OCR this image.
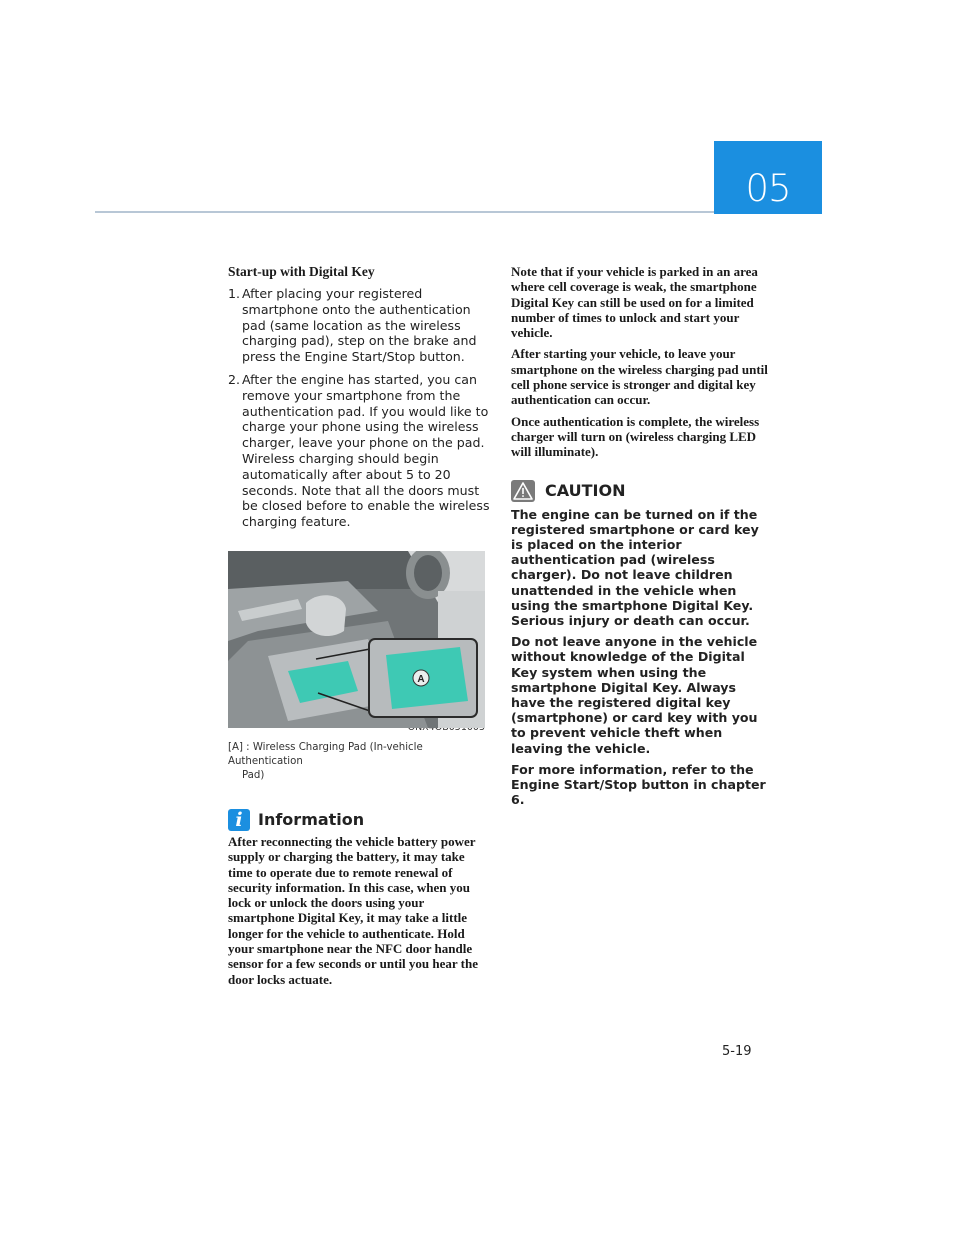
05
Start-up with Digital Key
1. After placing your registered smartphone onto the authentication pad (same location as the wireless charging pad), step on the brake and press the Engine Start/Stop button.
2. After the engine has started, you can remove your smartphone from the authentication pad. If you would like to charge your phone using the wireless charger, leave your phone on the pad. Wireless charging should begin automatically after about 5 to 20 seconds. Note that all the doors must be closed before to enable the wireless charging feature.
A
[A] : Wireless Charging Pad (In-vehicle Authentication
Pad)
i Information
After reconnecting the vehicle battery power supply or charging the battery, it may take time to operate due to remote renewal of security information. In this case, when you lock or unlock the doors using your smartphone Digital Key, it may take a little longer for the vehicle to authenticate. Hold your smartphone near the NFC door handle sensor for a few seconds or until you hear the door locks actuate.

Note that if your vehicle is parked in an area where cell coverage is weak, the smartphone Digital Key can still be used on for a limited number of times to unlock and start your vehicle.

After starting your vehicle, to leave your smartphone on the wireless charging pad until cell phone service is stronger and digital key authentication can occur.

Once authentication is complete, the wireless charger will turn on (wireless charging LED will illuminate).

CAUTION

The engine can be turned on if the registered smartphone or card key is placed on the interior authentication pad (wireless charger). Do not leave children unattended in the vehicle when using the smartphone Digital Key. Serious injury or death can occur.

Do not leave anyone in the vehicle without knowledge of the Digital Key system when using the smartphone Digital Key. Always have the registered digital key (smartphone) or card key with you to prevent vehicle theft when leaving the vehicle.

For more information, refer to the Engine Start/Stop button in chapter 6.

5-19
